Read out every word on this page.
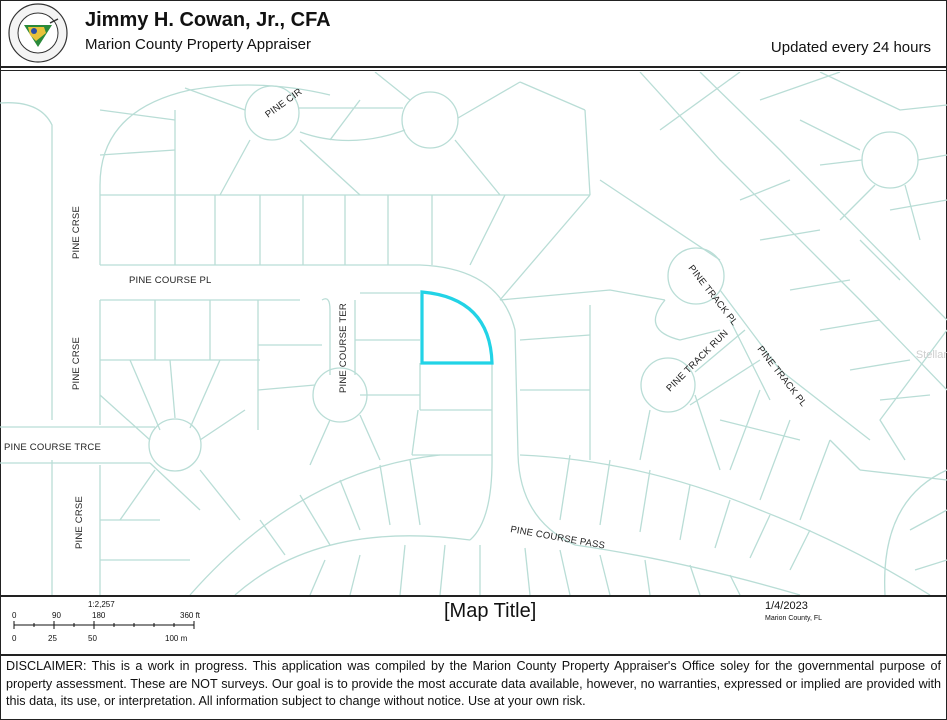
Jimmy H. Cowan, Jr., CFA
Marion County Property Appraiser	Updated every 24 hours
PINE CIR
PINE CRSE
PINE CRSE
PINE CRSE
PINE COURSE PL
PINE COURSE TER
PINE COURSE TRCE
PINE COURSE PASS
PINE TRACK PL
PINE TRACK PL
PINE TRACK RUN	Stellar
1:2,257
0	90	180	360 ft
0	25	50	100 m
[Map Title]	1/4/2023
Marion County, FL
DISCLAIMER: This is a work in progress. This application was compiled by the Marion County Property Appraiser's Office soley for the governmental purpose of property assessment. These are NOT surveys. Our goal is to provide the most accurate data available, however, no warranties, expressed or implied are provided with this data, its use, or interpretation. All information subject to change without notice. Use at your own risk.
